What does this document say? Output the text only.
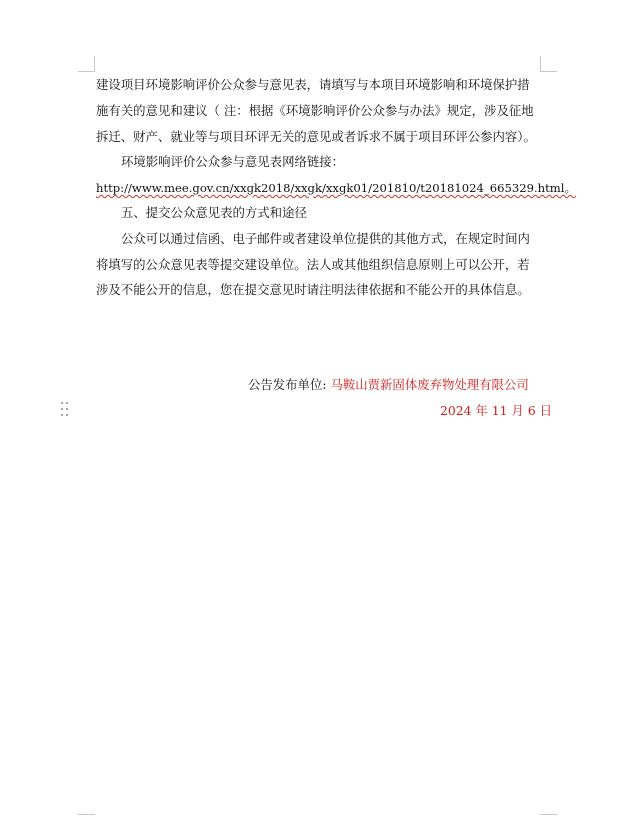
建设项目环境影响评价公众参与意见表，请填写与本项目环境影响和环境保护措
施有关的意见和建议（ 注：根据《环境影响评价公众参与办法》规定，涉及征地
拆迁、财产、就业等与项目环评无关的意见或者诉求不属于项目环评公参内容）。
环境影响评价公众参与意见表网络链接：
http://www.mee.gov.cn/xxgk2018/xxgk/xxgk01/201810/t20181024_665329.html。
五、提交公众意见表的方式和途径
公众可以通过信函、电子邮件或者建设单位提供的其他方式，在规定时间内
将填写的公众意见表等提交建设单位。法人或其他组织信息原则上可以公开，若
涉及不能公开的信息，您在提交意见时请注明法律依据和不能公开的具体信息。
公告发布单位: 马鞍山贾新固体废弃物处理有限公司
2024 年 11 月 6 日
